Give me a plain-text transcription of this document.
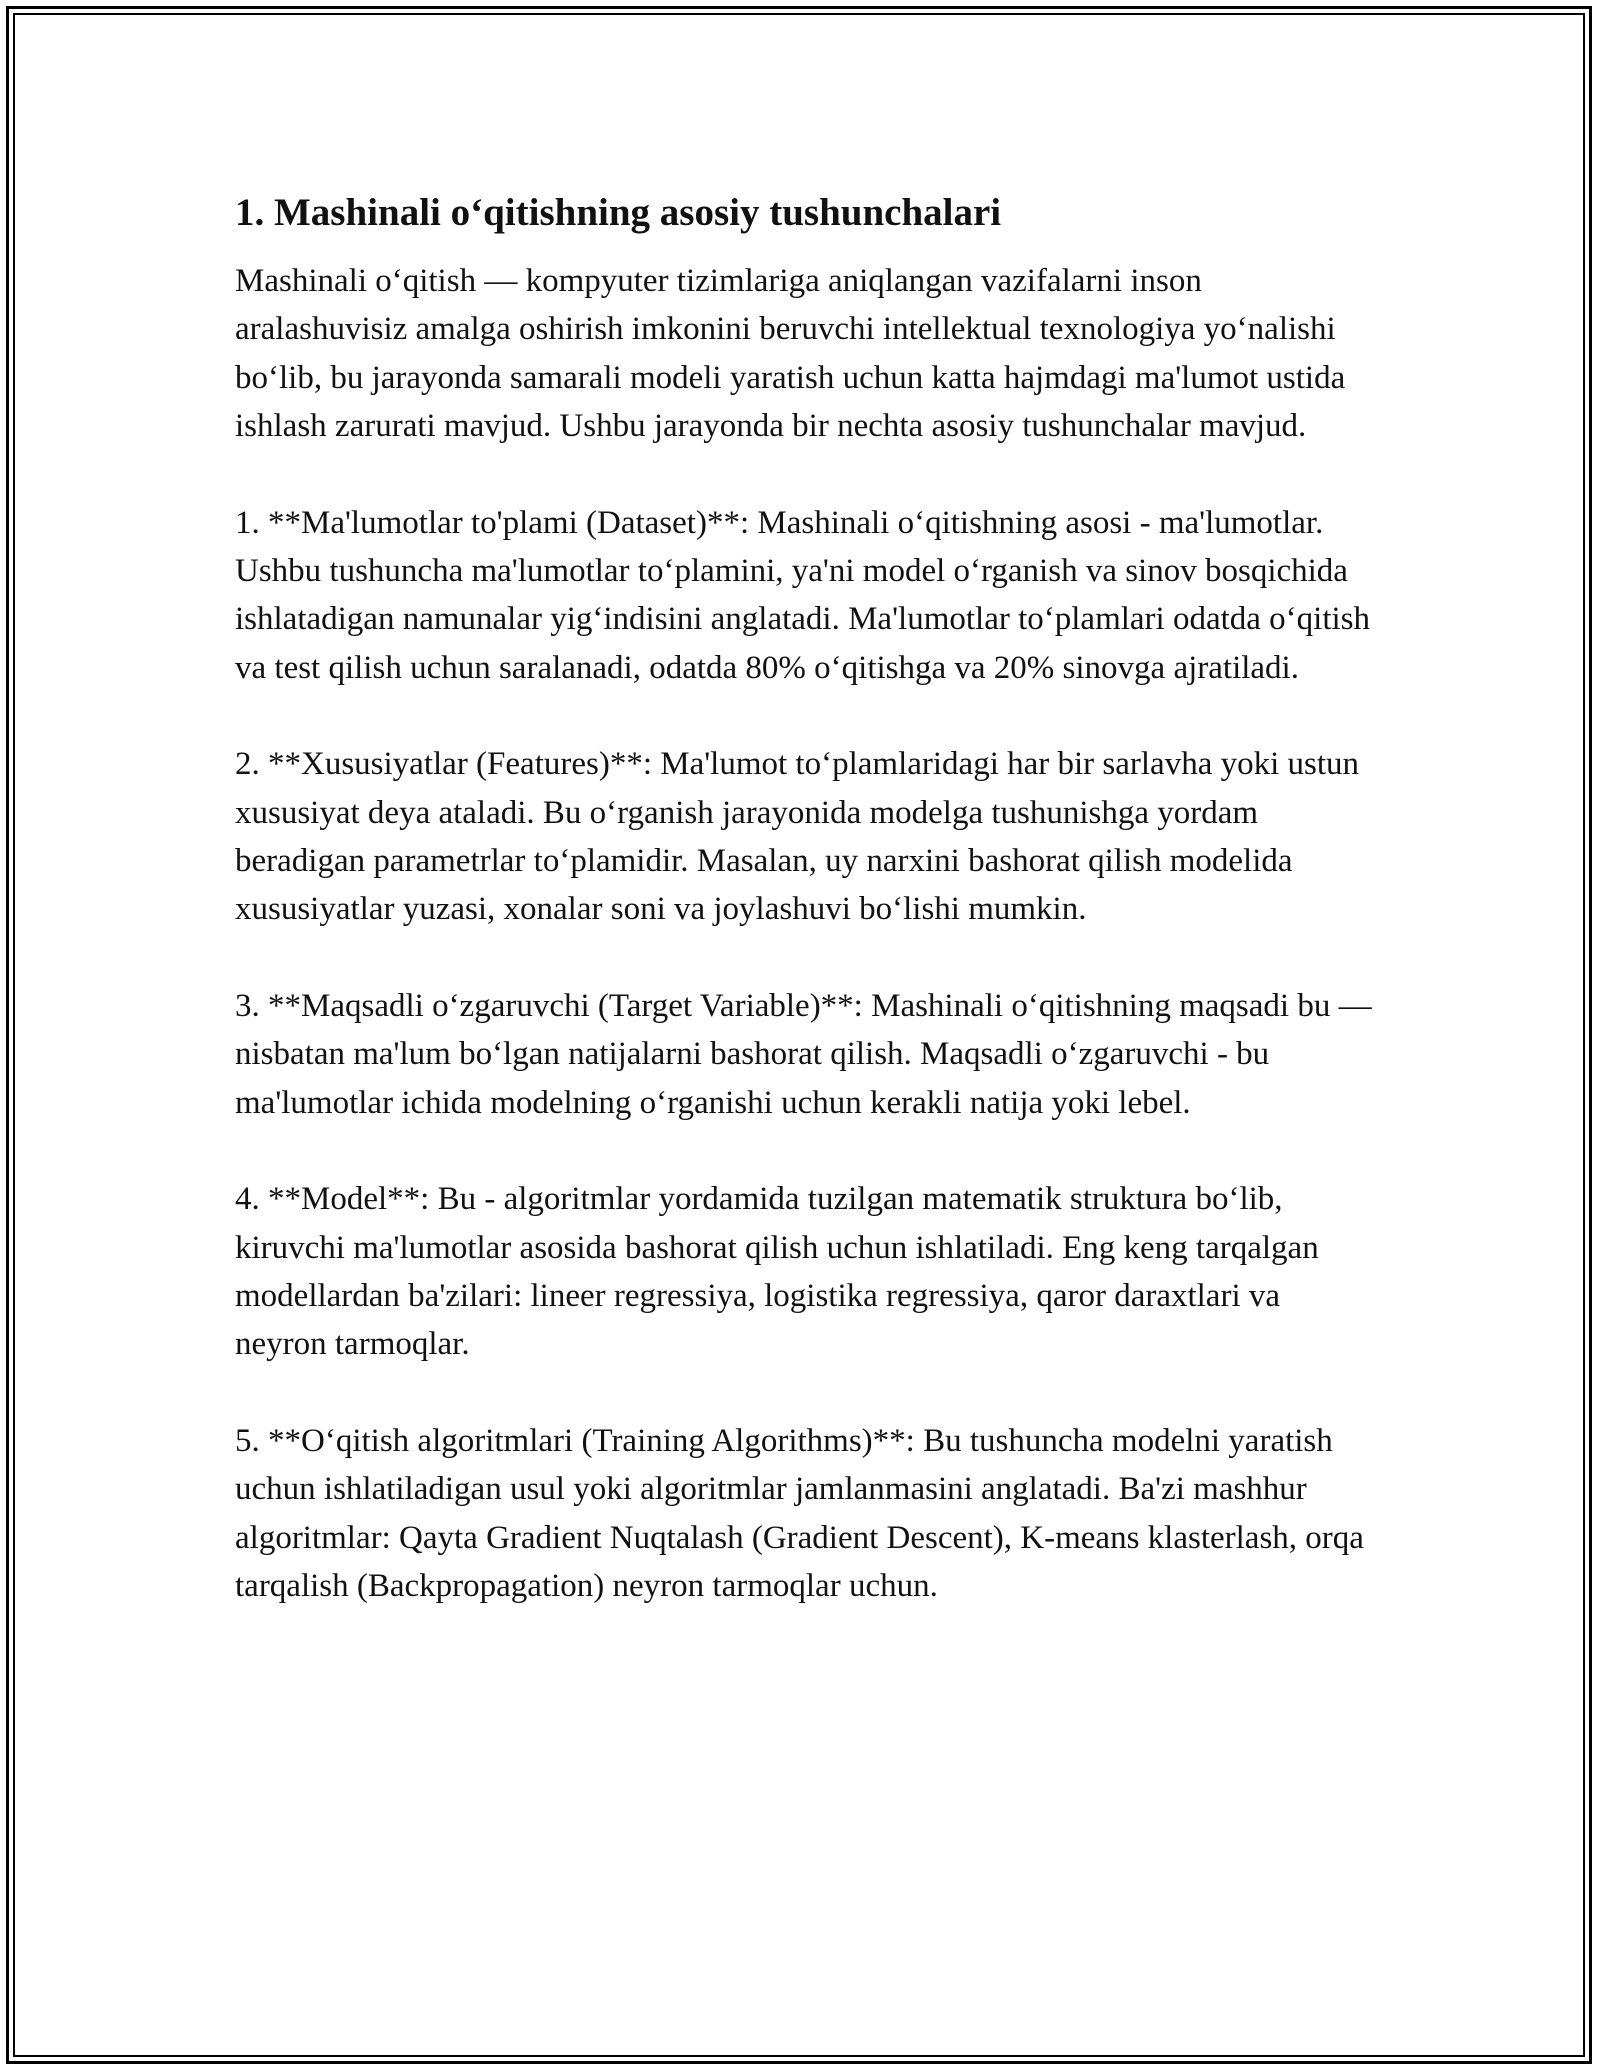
1. Mashinali o‘qitishning asosiy tushunchalari

Mashinali o‘qitish — kompyuter tizimlariga aniqlangan vazifalarni inson aralashuvisiz amalga oshirish imkonini beruvchi intellektual texnologiya yo‘nalishi bo‘lib, bu jarayonda samarali modeli yaratish uchun katta hajmdagi ma'lumot ustida ishlash zarurati mavjud. Ushbu jarayonda bir nechta asosiy tushunchalar mavjud.

1. **Ma'lumotlar to'plami (Dataset)**: Mashinali o‘qitishning asosi - ma'lumotlar. Ushbu tushuncha ma'lumotlar to‘plamini, ya'ni model o‘rganish va sinov bosqichida ishlatadigan namunalar yig‘indisini anglatadi. Ma'lumotlar to‘plamlari odatda o‘qitish va test qilish uchun saralanadi, odatda 80% o‘qitishga va 20% sinovga ajratiladi.

2. **Xususiyatlar (Features)**: Ma'lumot to‘plamlaridagi har bir sarlavha yoki ustun xususiyat deya ataladi. Bu o‘rganish jarayonida modelga tushunishga yordam beradigan parametrlar to‘plamidir. Masalan, uy narxini bashorat qilish modelida xususiyatlar yuzasi, xonalar soni va joylashuvi bo‘lishi mumkin.

3. **Maqsadli o‘zgaruvchi (Target Variable)**: Mashinali o‘qitishning maqsadi bu — nisbatan ma'lum bo‘lgan natijalarni bashorat qilish. Maqsadli o‘zgaruvchi - bu ma'lumotlar ichida modelning o‘rganishi uchun kerakli natija yoki lebel.

4. **Model**: Bu - algoritmlar yordamida tuzilgan matematik struktura bo‘lib, kiruvchi ma'lumotlar asosida bashorat qilish uchun ishlatiladi. Eng keng tarqalgan modellardan ba'zilari: lineer regressiya, logistika regressiya, qaror daraxtlari va neyron tarmoqlar.

5. **O‘qitish algoritmlari (Training Algorithms)**: Bu tushuncha modelni yaratish uchun ishlatiladigan usul yoki algoritmlar jamlanmasini anglatadi. Ba'zi mashhur algoritmlar: Qayta Gradient Nuqtalash (Gradient Descent), K-means klasterlash, orqa tarqalish (Backpropagation) neyron tarmoqlar uchun.
